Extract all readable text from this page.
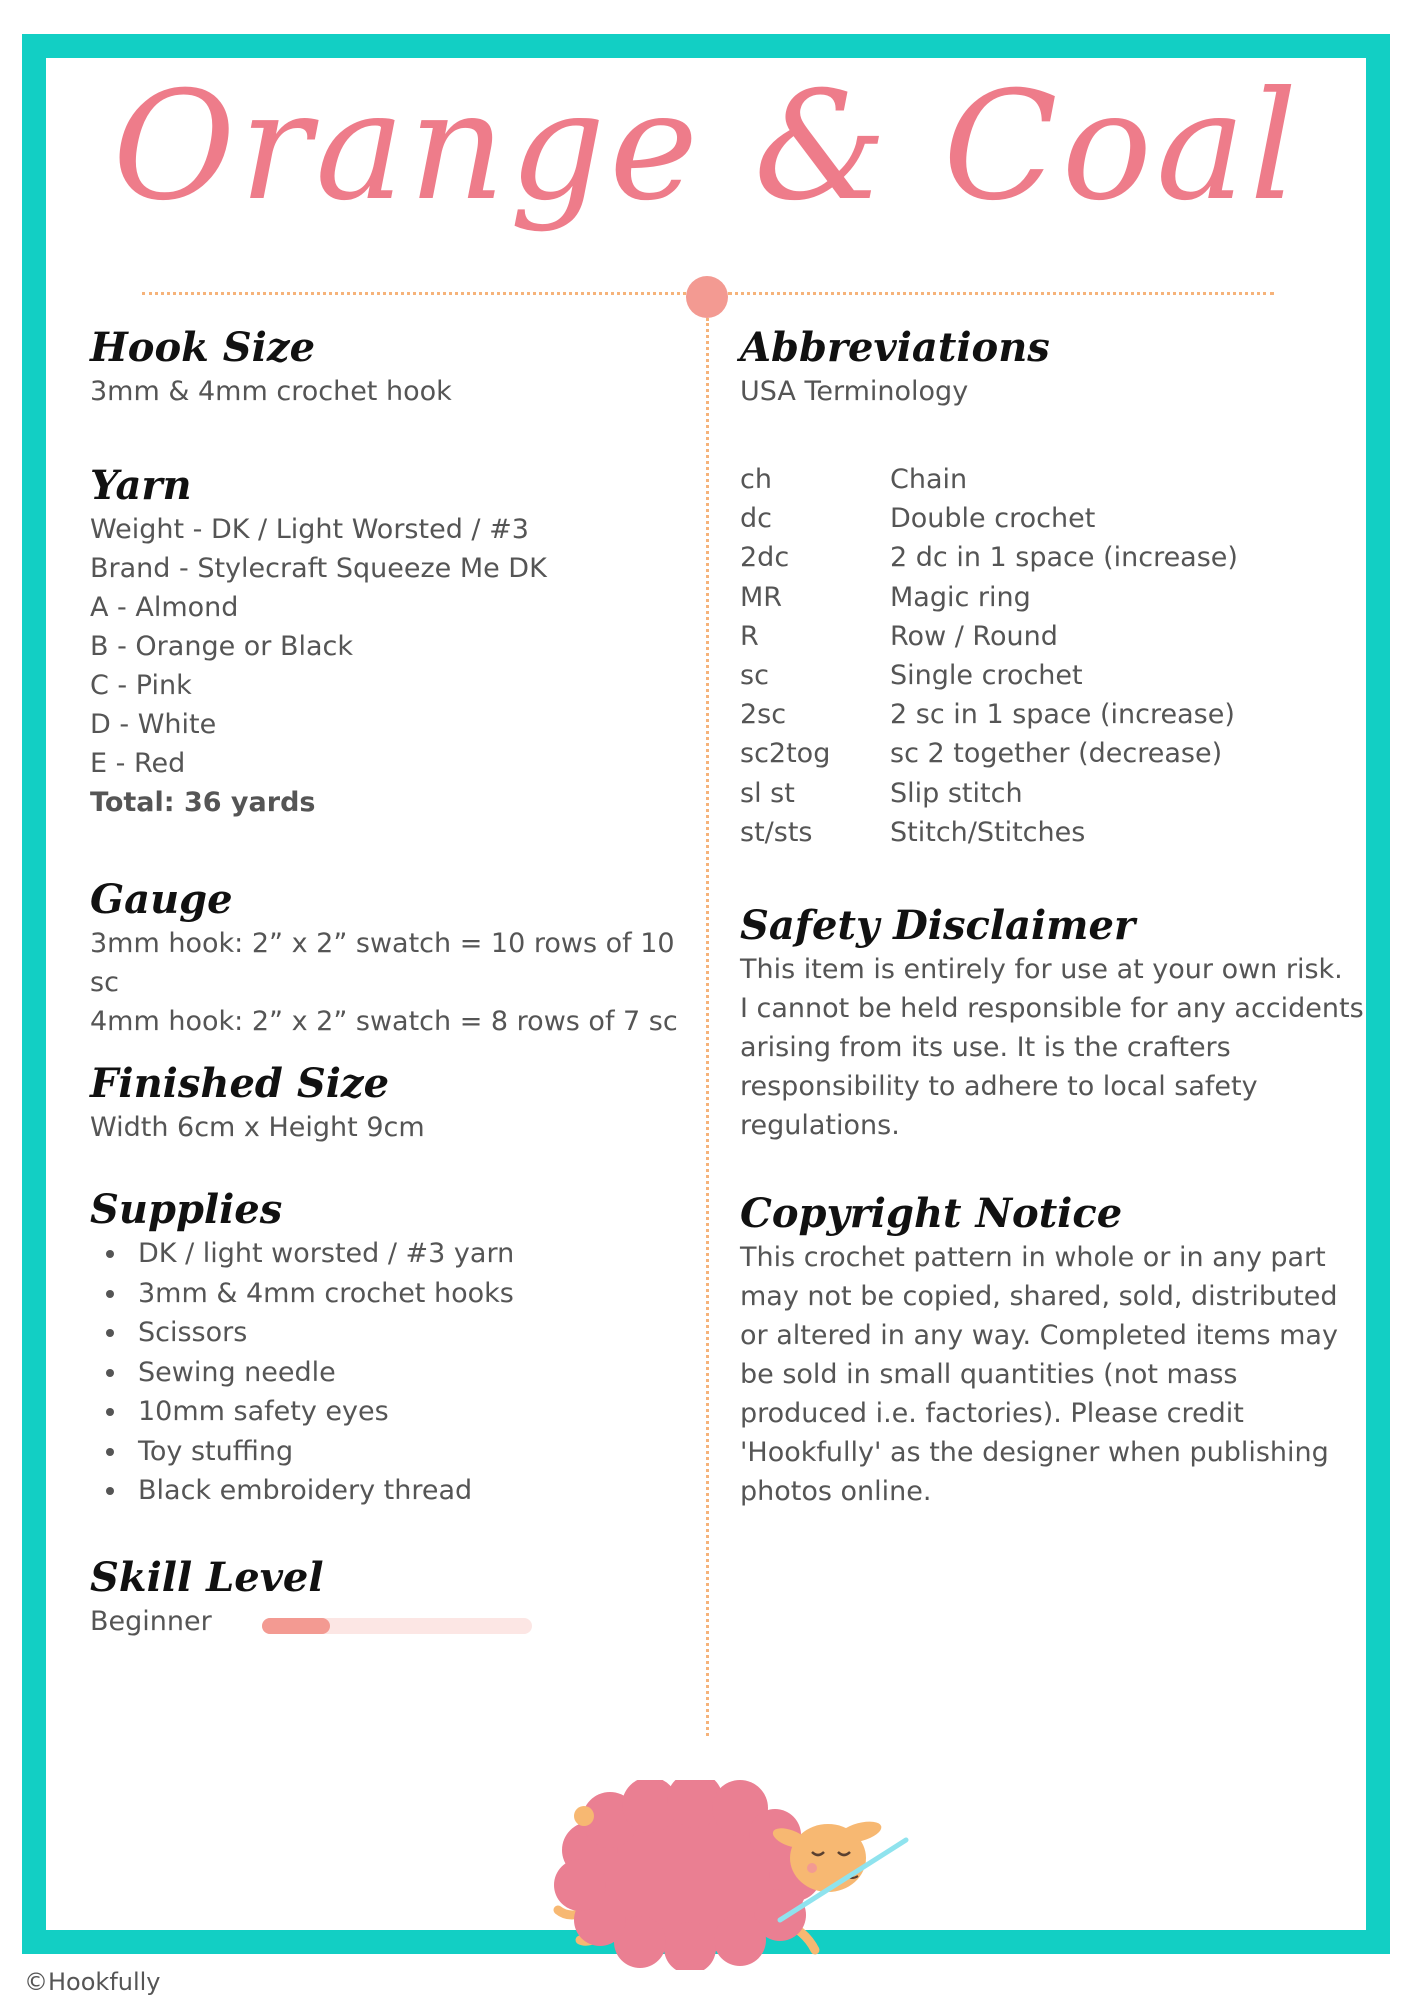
Orange & Coal
Hook Size

3mm & 4mm crochet hook

Yarn

Weight - DK / Light Worsted / #3

Brand - Stylecraft Squeeze Me DK

A - Almond

B - Orange or Black

C - Pink

D - White

E - Red

Total: 36 yards

Gauge

3mm hook: 2” x 2” swatch = 10 rows of 10 sc

4mm hook: 2” x 2” swatch = 8 rows of 7 sc

Finished Size

Width 6cm x Height 9cm

Supplies
DK / light worsted / #3 yarn
3mm & 4mm crochet hooks
Scissors
Sewing needle
10mm safety eyes
Toy stuffing
Black embroidery thread
Skill Level

Beginner

Abbreviations

USA Terminology

ch	Chain
dc	Double crochet
2dc	2 dc in 1 space (increase)
MR	Magic ring
R	Row / Round
sc	Single crochet
2sc	2 sc in 1 space (increase)
sc2tog	sc 2 together (decrease)
sl st	Slip stitch
st/sts	Stitch/Stitches
Safety Disclaimer

This item is entirely for use at your own risk.

I cannot be held responsible for any accidents

arising from its use. It is the crafters

responsibility to adhere to local safety

regulations.

Copyright Notice

This crochet pattern in whole or in any part

may not be copied, shared, sold, distributed

or altered in any way. Completed items may

be sold in small quantities (not mass

produced i.e. factories). Please credit

'Hookfully' as the designer when publishing

photos online.

©Hookfully
